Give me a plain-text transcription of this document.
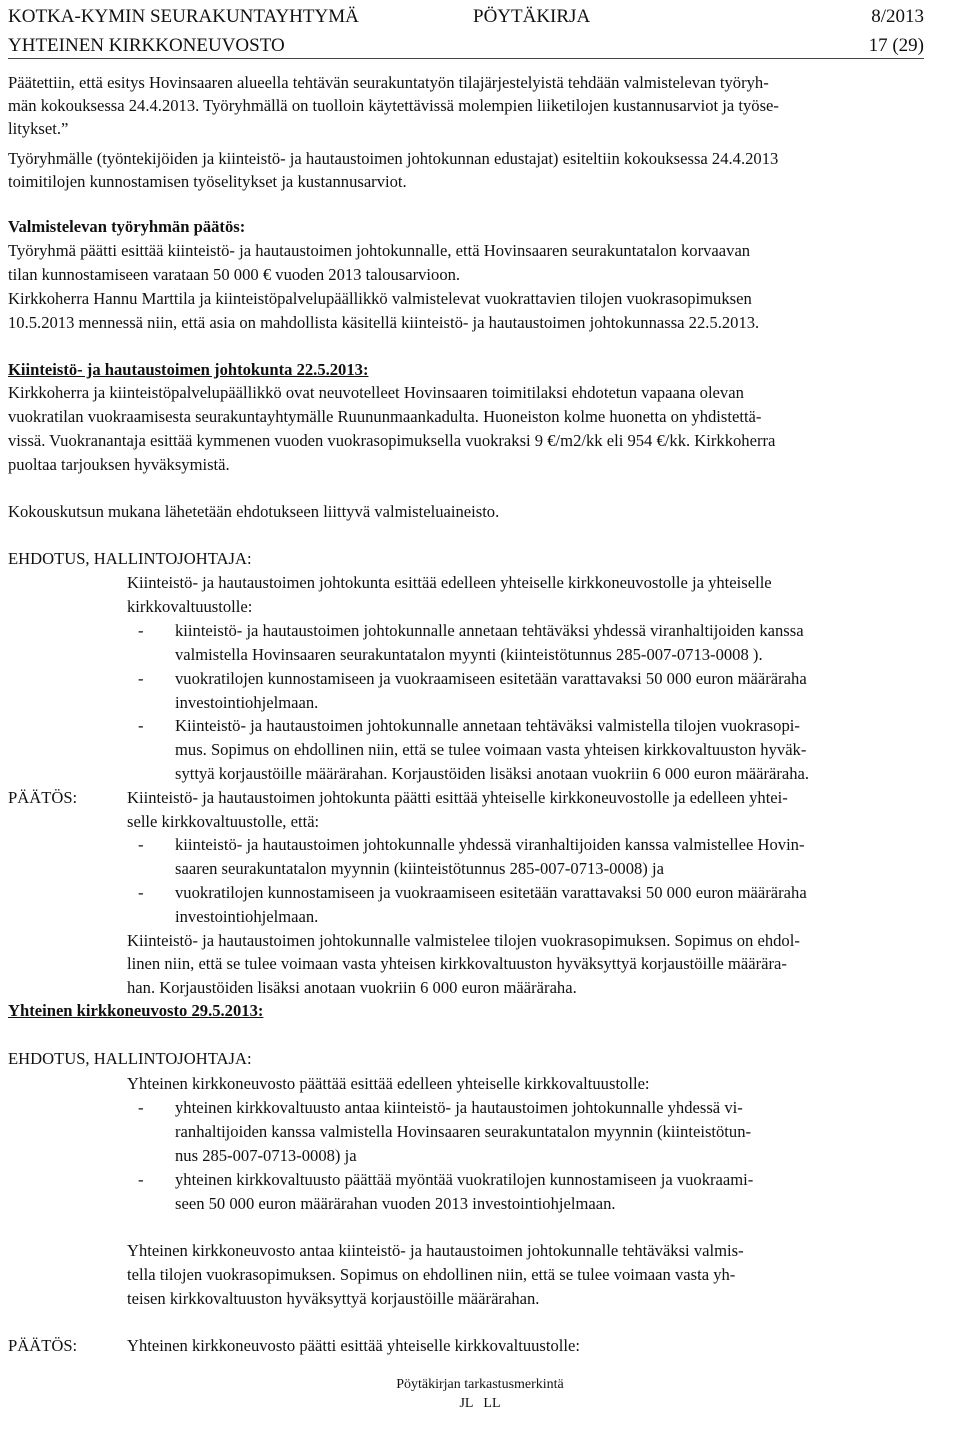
KOTKA-KYMIN SEURAKUNTAYHTYMÄ	PÖYTÄKIRJA	8/2013
YHTEINEN KIRKKONEUVOSTO	17 (29)
Päätettiin, että esitys Hovinsaaren alueella tehtävän seurakuntatyön tilajärjestelyistä tehdään valmistelevan työryh-
män kokouksessa 24.4.2013. Työryhmällä on tuolloin käytettävissä molempien liiketilojen kustannusarviot ja työse-
litykset.”
Työryhmälle (työntekijöiden ja kiinteistö- ja hautaustoimen johtokunnan edustajat) esiteltiin kokouksessa 24.4.2013
toimitilojen kunnostamisen työselitykset ja kustannusarviot.
Valmistelevan työryhmän päätös:
Työryhmä päätti esittää kiinteistö- ja hautaustoimen johtokunnalle, että Hovinsaaren seurakuntatalon korvaavan
tilan kunnostamiseen varataan 50 000 € vuoden 2013 talousarvioon.
Kirkkoherra Hannu Marttila ja kiinteistöpalvelupäällikkö valmistelevat vuokrattavien tilojen vuokrasopimuksen
10.5.2013 mennessä niin, että asia on mahdollista käsitellä kiinteistö- ja hautaustoimen johtokunnassa 22.5.2013.
Kiinteistö- ja hautaustoimen johtokunta 22.5.2013:
Kirkkoherra ja kiinteistöpalvelupäällikkö ovat neuvotelleet Hovinsaaren toimitilaksi ehdotetun vapaana olevan
vuokratilan vuokraamisesta seurakuntayhtymälle Ruununmaankadulta. Huoneiston kolme huonetta on yhdistettä-
vissä. Vuokranantaja esittää kymmenen vuoden vuokrasopimuksella vuokraksi 9 €/m2/kk eli 954 €/kk. Kirkkoherra
puoltaa tarjouksen hyväksymistä.
Kokouskutsun mukana lähetetään ehdotukseen liittyvä valmisteluaineisto.
EHDOTUS, HALLINTOJOHTAJA:
Kiinteistö- ja hautaustoimen johtokunta esittää edelleen yhteiselle kirkkoneuvostolle ja yhteiselle
kirkkovaltuustolle:
- kiinteistö- ja hautaustoimen johtokunnalle annetaan tehtäväksi yhdessä viranhaltijoiden kanssa
valmistella Hovinsaaren seurakuntatalon myynti (kiinteistötunnus 285-007-0713-0008 ).
- vuokratilojen kunnostamiseen ja vuokraamiseen esitetään varattavaksi 50 000 euron määräraha
investointiohjelmaan.
- Kiinteistö- ja hautaustoimen johtokunnalle annetaan tehtäväksi valmistella tilojen vuokrasopi-
mus. Sopimus on ehdollinen niin, että se tulee voimaan vasta yhteisen kirkkovaltuuston hyväk-
syttyä korjaustöille määrärahan. Korjaustöiden lisäksi anotaan vuokriin 6 000 euron määräraha.
PÄÄTÖS:	Kiinteistö- ja hautaustoimen johtokunta päätti esittää yhteiselle kirkkoneuvostolle ja edelleen yhtei-
selle kirkkovaltuustolle, että:
- kiinteistö- ja hautaustoimen johtokunnalle yhdessä viranhaltijoiden kanssa valmistellee Hovin-
saaren seurakuntatalon myynnin (kiinteistötunnus 285-007-0713-0008) ja
- vuokratilojen kunnostamiseen ja vuokraamiseen esitetään varattavaksi 50 000 euron määräraha
investointiohjelmaan.
Kiinteistö- ja hautaustoimen johtokunnalle valmistelee tilojen vuokrasopimuksen. Sopimus on ehdol-
linen niin, että se tulee voimaan vasta yhteisen kirkkovaltuuston hyväksyttyä korjaustöille määrära-
han. Korjaustöiden lisäksi anotaan vuokriin 6 000 euron määräraha.
Yhteinen kirkkoneuvosto 29.5.2013:
EHDOTUS, HALLINTOJOHTAJA:
Yhteinen kirkkoneuvosto päättää esittää edelleen yhteiselle kirkkovaltuustolle:
- yhteinen kirkkovaltuusto antaa kiinteistö- ja hautaustoimen johtokunnalle yhdessä vi-
ranhaltijoiden kanssa valmistella Hovinsaaren seurakuntatalon myynnin (kiinteistötun-
nus 285-007-0713-0008) ja
- yhteinen kirkkovaltuusto päättää myöntää vuokratilojen kunnostamiseen ja vuokraami-
seen 50 000 euron määrärahan vuoden 2013 investointiohjelmaan.
Yhteinen kirkkoneuvosto antaa kiinteistö- ja hautaustoimen johtokunnalle tehtäväksi valmis-
tella tilojen vuokrasopimuksen. Sopimus on ehdollinen niin, että se tulee voimaan vasta yh-
teisen kirkkovaltuuston hyväksyttyä korjaustöille määrärahan.
PÄÄTÖS:	Yhteinen kirkkoneuvosto päätti esittää yhteiselle kirkkovaltuustolle:
Pöytäkirjan tarkastusmerkintä
JL   LL
